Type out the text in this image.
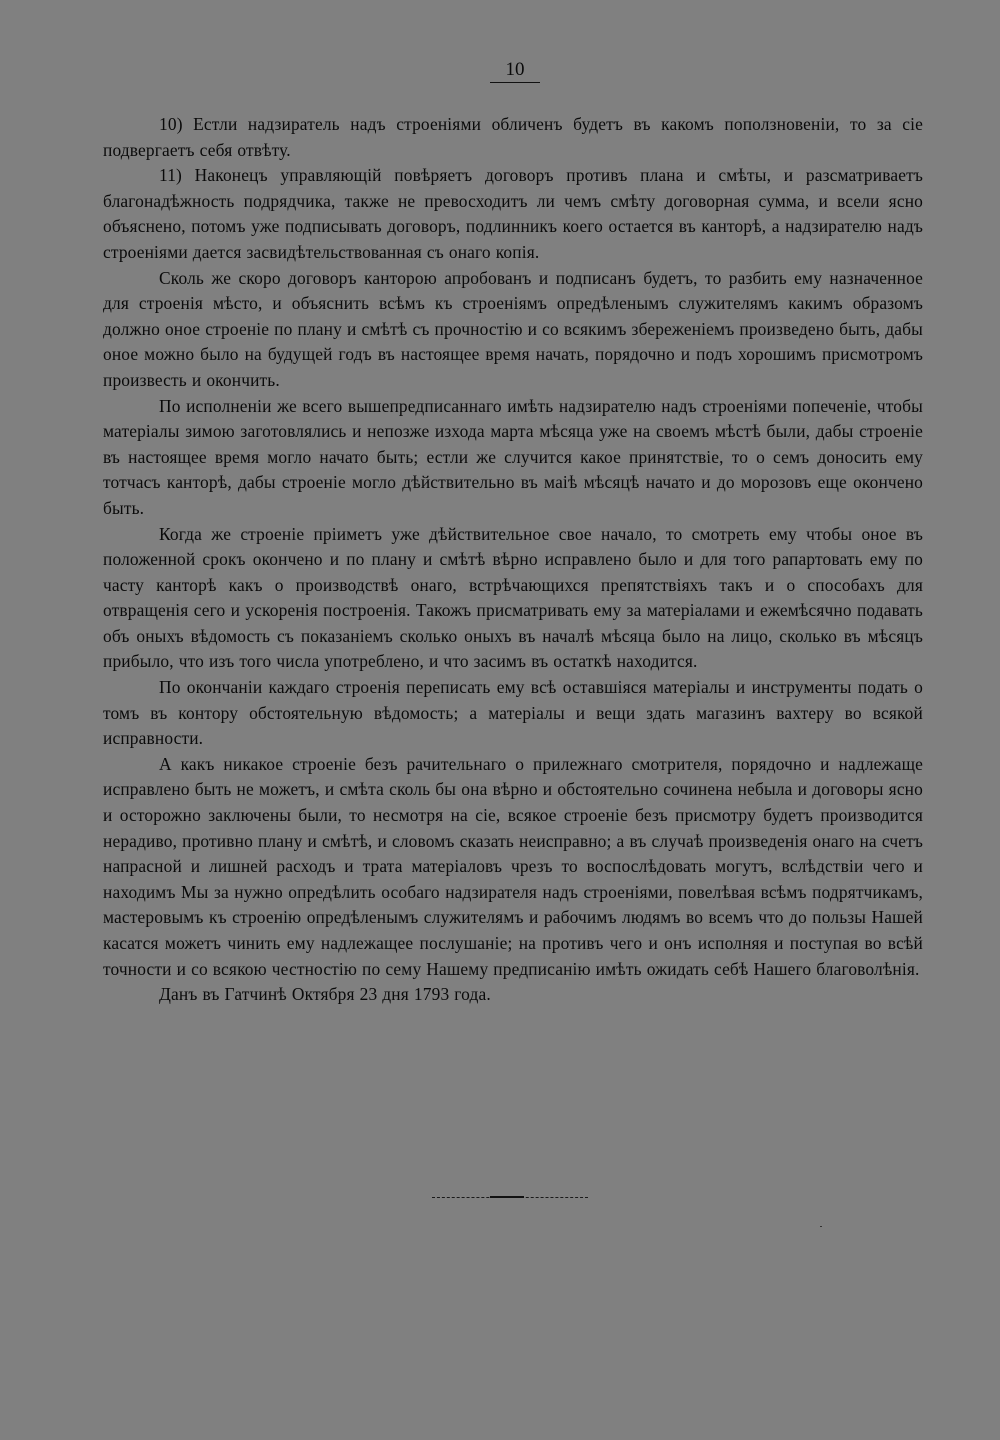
10

10) Естли надзиратель надъ строеніями обличенъ будетъ въ какомъ поползновеніи, то за сіе подвергаетъ себя отвѣту.

11) Наконецъ управляющій повѣряетъ договоръ противъ плана и смѣты, и разсматриваетъ благонадѣжность подрядчика, также не превосходитъ ли чемъ смѣту договорная сумма, и всели ясно объяснено, потомъ уже подписывать договоръ, подлинникъ коего остается въ канторѣ, а надзирателю надъ строеніями дается засвидѣтельствованная съ онаго копія.

Сколь же скоро договоръ канторою апробованъ и подписанъ будетъ, то разбить ему назначенное для строенія мѣсто, и объяснить всѣмъ къ строеніямъ опредѣленымъ служителямъ какимъ образомъ должно оное строеніе по плану и смѣтѣ съ прочностію и со всякимъ збереженіемъ произведено быть, дабы оное можно было на будущей годъ въ настоящее время начать, порядочно и подъ хорошимъ присмотромъ произвесть и окончить.

По исполненіи же всего вышепредписаннаго имѣть надзирателю надъ строеніями попеченіе, чтобы матеріалы зимою заготовлялись и непозже изхода марта мѣсяца уже на своемъ мѣстѣ были, дабы строеніе въ настоящее время могло начато быть; естли же случится какое принятствіе, то о семъ доносить ему тотчасъ канторѣ, дабы строеніе могло дѣйствительно въ маіѣ мѣсяцѣ начато и до морозовъ еще окончено быть.

Когда же строеніе пріиметъ уже дѣйствительное свое начало, то смотреть ему чтобы оное въ положенной срокъ окончено и по плану и смѣтѣ вѣрно исправлено было и для того рапартовать ему по часту канторѣ какъ о производствѣ онаго, встрѣчающихся препятствіяхъ такъ и о способахъ для отвращенія сего и ускоренія построенія. Такожъ присматривать ему за матеріалами и ежемѣсячно подавать объ оныхъ вѣдомость съ показаніемъ сколько оныхъ въ началѣ мѣсяца было на лицо, сколько въ мѣсяцъ прибыло, что изъ того числа употреблено, и что засимъ въ остаткѣ находится.

По окончаніи каждаго строенія переписать ему всѣ оставшіяся матеріалы и инструменты подать о томъ въ контору обстоятельную вѣдомость; а матеріалы и вещи здать магазинъ вахтеру во всякой исправности.

А какъ никакое строеніе безъ рачительнаго о прилежнаго смотрителя, порядочно и надлежаще исправлено быть не можетъ, и смѣта сколь бы она вѣрно и обстоятельно сочинена небыла и договоры ясно и осторожно заключены были, то несмотря на сіе, всякое строеніе безъ присмотру будетъ производится нерадиво, противно плану и смѣтѣ, и словомъ сказать неисправно; а въ случаѣ произведенія онаго на счетъ напрасной и лишней расходъ и трата матеріаловъ чрезъ то воспослѣдовать могутъ, вслѣдствіи чего и находимъ Мы за нужно опредѣлить особаго надзирателя надъ строеніями, повелѣвая всѣмъ подрятчикамъ, мастеровымъ къ строенію опредѣленымъ служителямъ и рабочимъ людямъ во всемъ что до пользы Нашей касатся можетъ чинить ему надлежащее послушаніе; на противъ чего и онъ исполняя и поступая во всѣй точности и со всякою честностію по сему Нашему предписанію имѣть ожидать себѣ Нашего благоволѣнія.

Данъ въ Гатчинѣ Октября 23 дня 1793 года.
